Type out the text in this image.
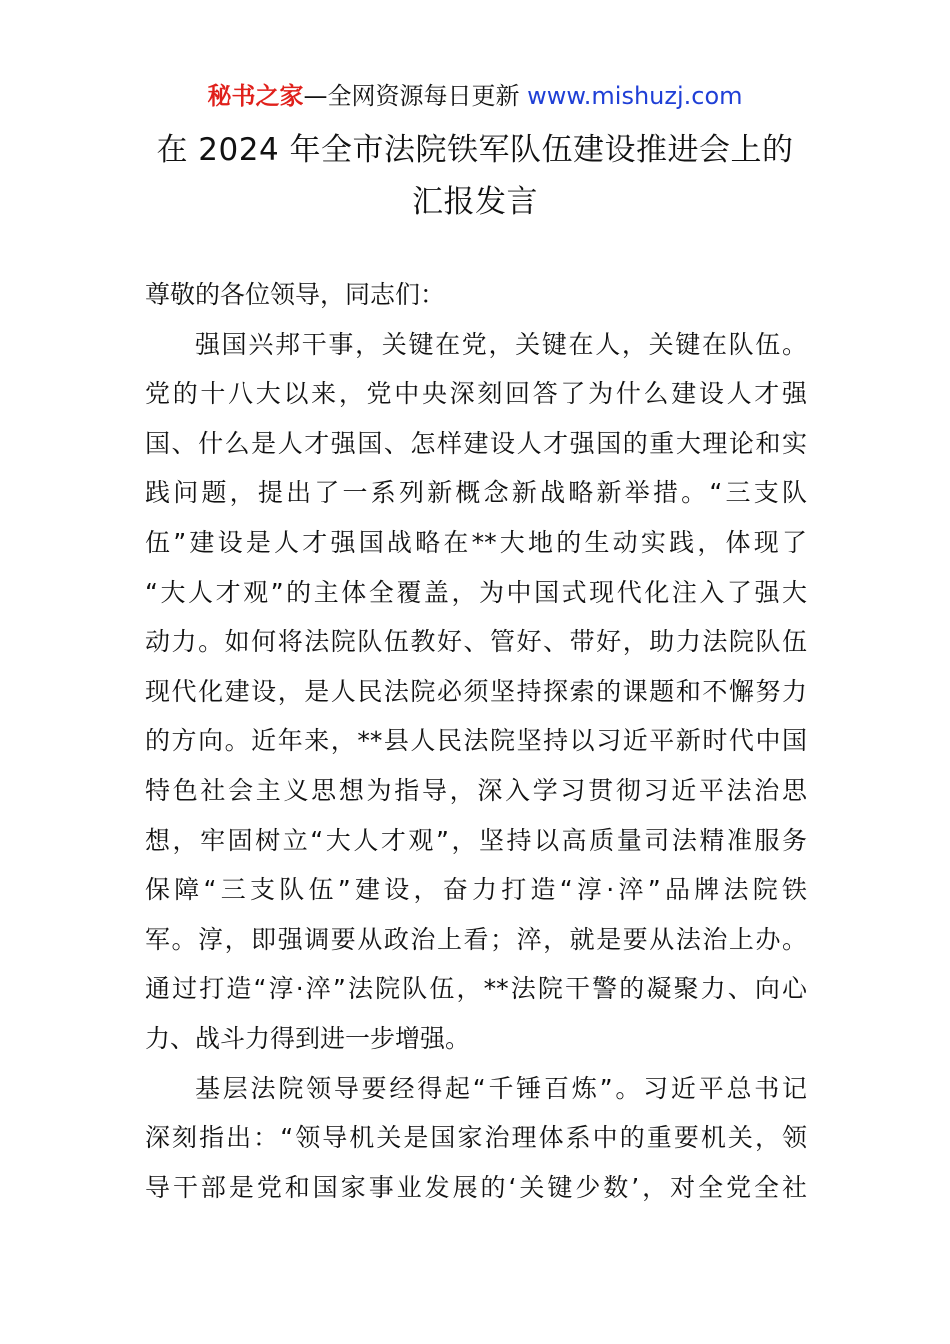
秘书之家—全网资源每日更新 www.mishuzj.com
在 2024 年全市法院铁军队伍建设推进会上的
汇报发言
尊敬的各位领导，同志们：
强国兴邦干事，关键在党，关键在人，关键在队伍。
党的十八大以来，党中央深刻回答了为什么建设人才强
国、什么是人才强国、怎样建设人才强国的重大理论和实
践问题，提出了一系列新概念新战略新举措。“三支队
伍”建设是人才强国战略在**大地的生动实践，体现了
“大人才观”的主体全覆盖，为中国式现代化注入了强大
动力。如何将法院队伍教好、管好、带好，助力法院队伍
现代化建设，是人民法院必须坚持探索的课题和不懈努力
的方向。近年来，**县人民法院坚持以习近平新时代中国
特色社会主义思想为指导，深入学习贯彻习近平法治思
想，牢固树立“大人才观”，坚持以高质量司法精准服务
保障“三支队伍”建设，奋力打造“淳·淬”品牌法院铁
军。淳，即强调要从政治上看；淬，就是要从法治上办。
通过打造“淳·淬”法院队伍，**法院干警的凝聚力、向心
力、战斗力得到进一步增强。
基层法院领导要经得起“千锤百炼”。习近平总书记
深刻指出：“领导机关是国家治理体系中的重要机关，领
导干部是党和国家事业发展的‘关键少数’，对全党全社
